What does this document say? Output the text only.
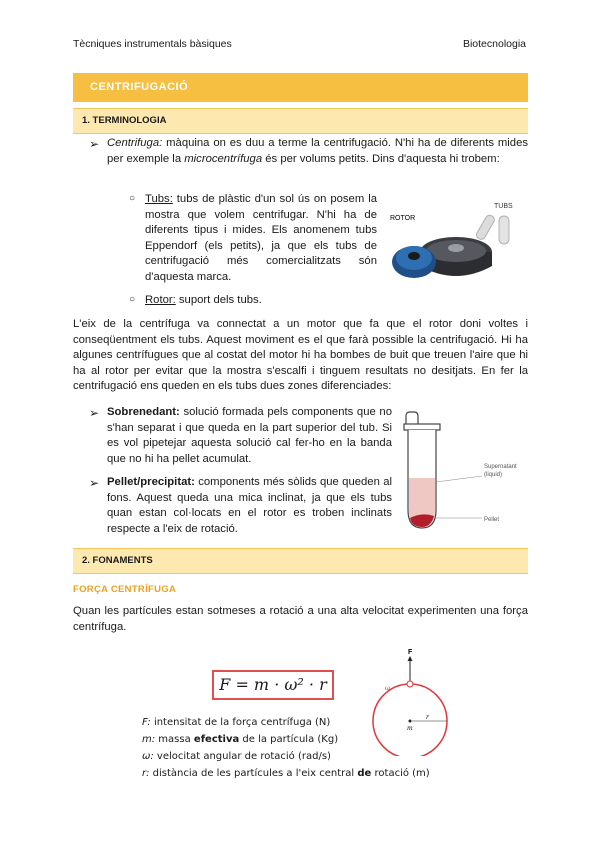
Tècniques instrumentals bàsiques	Biotecnologia
CENTRIFUGACIÓ
1. TERMINOLOGIA
➢ Centrifuga: màquina on es duu a terme la centrifugació. N'hi ha de diferents mides per exemple la microcentrífuga és per volums petits. Dins d'aquesta hi trobem:

○ Tubs: tubs de plàstic d'un sol ús on posem la mostra que volem centrifugar. N'hi ha de diferents tipus i mides. Els anomenem tubs Eppendorf (els petits), ja que els tubs de centrifugació més comercialitzats són d'aquesta marca.

○ Rotor: suport dels tubs.

ROTOR
TUBS

L'eix de la centrífuga va connectat a un motor que fa que el rotor doni voltes i conseqüentment els tubs. Aquest moviment es el que farà possible la centrifugació. Hi ha algunes centrífugues que al costat del motor hi ha bombes de buit que treuen l'aire que hi ha al rotor per evitar que la mostra s'escalfi i tinguem resultats no desitjats. En fer la centrifugació ens queden en els tubs dues zones diferenciades:

➢ Sobrenedant: solució formada pels components que no s'han separat i que queda en la part superior del tub. Si es vol pipetejar aquesta solució cal fer-ho en la banda que no hi ha pellet acumulat.

➢ Pellet/precipitat: components més sòlids que queden al fons. Aquest queda una mica inclinat, ja que els tubs quan estan col·locats en el rotor es troben inclinats respecte a l'eix de rotació.

Supernatant
(liquid)
Pellet
2. FONAMENTS
FORÇA CENTRÍFUGA

Quan les partícules estan sotmeses a rotació a una alta velocitat experimenten una força centrífuga.

F = m · ω² · r
F: intensitat de la força centrífuga (N)
m: massa efectiva de la partícula (Kg)
ω: velocitat angular de rotació (rad/s)
r: distància de les partícules a l'eix central de rotació (m)
F
r
m
ω
